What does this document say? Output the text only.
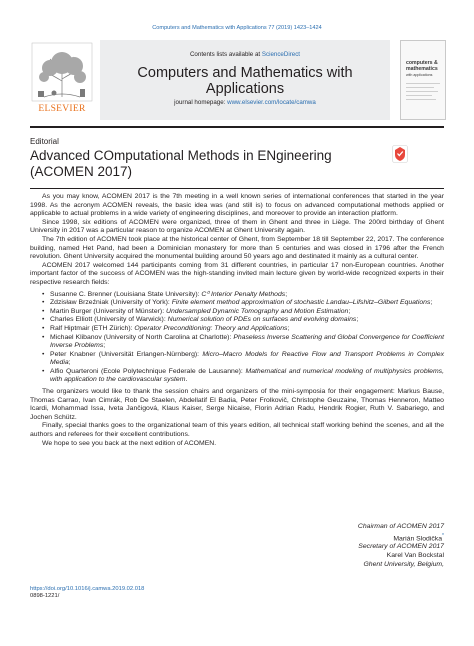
Computers and Mathematics with Applications 77 (2019) 1423–1424
ELSEVIER
Contents lists available at ScienceDirect
Computers and Mathematics with Applications
journal homepage: www.elsevier.com/locate/camwa
computers &
mathematics
with applications
Editorial
Advanced COmputational Methods in ENgineering
(ACOMEN 2017)

As you may know, ACOMEN 2017 is the 7th meeting in a well known series of international conferences that started in the year 1998. As the acronym ACOMEN reveals, the basic idea was (and still is) to focus on advanced computational methods applied or applicable to actual problems in a wide variety of engineering disciplines, and moreover to provide an interaction platform.

Since 1998, six editions of ACOMEN were organized, three of them in Ghent and three in Liège. The 200rd birthday of Ghent University in 2017 was a particular reason to organize ACOMEN at Ghent University again.

The 7th edition of ACOMEN took place at the historical center of Ghent, from September 18 till September 22, 2017. The conference building, named Het Pand, had been a Dominician monastery for more than 5 centuries and was closed in 1796 after the French revolution. Ghent University acquired the monumental building around 50 years ago and destinated it mainly as a cultural center.

ACOMEN 2017 welcomed 144 participants coming from 31 different countries, in particular 17 non-European countries. Another important factor of the success of ACOMEN was the high-standing invited main lecture given by world-wide recognized experts in their respective research fields:

• Susanne C. Brenner (Louisiana State University): C⁰ Interior Penalty Methods;
• Zdzisław Brzeźniak (University of York): Finite element method approximation of stochastic Landau–Lifshitz–Gilbert Equations;
• Martin Burger (University of Münster): Undersampled Dynamic Tomography and Motion Estimation;
• Charles Elliott (University of Warwick): Numerical solution of PDEs on surfaces and evolving domains;
• Ralf Hiptmair (ETH Zürich): Operator Preconditioning: Theory and Applications;
• Michael Klibanov (University of North Carolina at Charlotte): Phaseless Inverse Scattering and Global Convergence for Coefficient Inverse Problems;
• Peter Knabner (Universität Erlangen-Nürnberg): Micro–Macro Models for Reactive Flow and Transport Problems in Complex Media;
• Alfio Quarteroni (Ecole Polytechnique Federale de Lausanne): Mathematical and numerical modeling of multiphysics problems, with application to the cardiovascular system.

The organizers would like to thank the session chairs and organizers of the mini-symposia for their engagement: Markus Bause, Thomas Carrao, Ivan Cimrák, Rob De Staelen, Abdellatif El Badia, Peter Frolkovič, Christophe Geuzaine, Thomas Henneron, Matteo Icardi, Mohammad Issa, Iveta Jančigová, Klaus Kaiser, Serge Nicaise, Florin Adrian Radu, Hendrik Rogier, Ruth V. Sabariego, and Jochen Schütz.

Finally, special thanks goes to the organizational team of this years edition, all technical staff working behind the scenes, and all the authors and referees for their excellent contributions.

We hope to see you back at the next edition of ACOMEN.

Chairman of ACOMEN 2017
Marián Slodička*
Secretary of ACOMEN 2017
Karel Van Bockstal
Ghent University, Belgium,
https://doi.org/10.1016/j.camwa.2019.02.018
0898-1221/
